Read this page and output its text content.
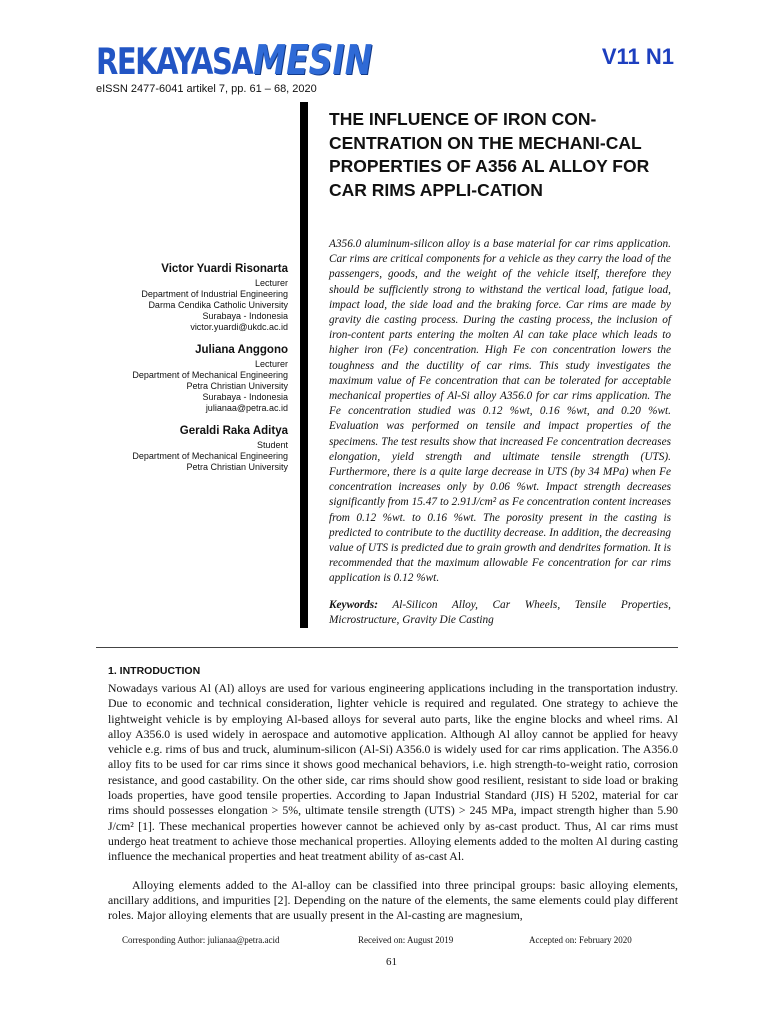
REKAYASA MESIN	V11 N1
eISSN 2477-6041 artikel 7, pp. 61 – 68, 2020
THE INFLUENCE OF IRON CON-CENTRATION ON THE MECHANI-CAL PROPERTIES OF A356 AL ALLOY FOR CAR RIMS APPLI-CATION

A356.0 aluminum-silicon alloy is a base material for car rims application. Car rims are critical components for a vehicle as they carry the load of the passengers, goods, and the weight of the vehicle itself, therefore they should be sufficiently strong to withstand the vertical load, fatigue load, impact load, the side load and the braking force. Car rims are made by gravity die casting process. During the casting process, the inclusion of iron-content parts entering the molten Al can take place which leads to higher iron (Fe) concentration. High Fe con concentration lowers the toughness and the ductility of car rims. This study investigates the maximum value of Fe concentration that can be tolerated for acceptable mechanical properties of Al-Si alloy A356.0 for car rims application. The Fe concentration studied was 0.12 %wt, 0.16 %wt, and 0.20 %wt. Evaluation was performed on tensile and impact properties of the specimens. The test results show that increased Fe concentration decreases elongation, yield strength and ultimate tensile strength (UTS). Furthermore, there is a quite large decrease in UTS (by 34 MPa) when Fe concentration increases only by 0.06 %wt. Impact strength decreases significantly from 15.47 to 2.91J/cm² as Fe concentration content increases from 0.12 %wt. to 0.16 %wt. The porosity present in the casting is predicted to contribute to the ductility decrease. In addition, the decreasing value of UTS is predicted due to grain growth and dendrites formation. It is recommended that the maximum allowable Fe concentration for car rims application is 0.12 %wt.

Keywords: Al-Silicon Alloy, Car Wheels, Tensile Properties, Microstructure, Gravity Die Casting

Victor Yuardi Risonarta
Lecturer
Department of Industrial Engineering
Darma Cendika Catholic University
Surabaya - Indonesia
victor.yuardi@ukdc.ac.id
Juliana Anggono
Lecturer
Department of Mechanical Engineering
Petra Christian University
Surabaya - Indonesia
julianaa@petra.ac.id
Geraldi Raka Aditya
Student
Department of Mechanical Engineering
Petra Christian University
1. INTRODUCTION

Nowadays various Al (Al) alloys are used for various engineering applications including in the transportation industry. Due to economic and technical consideration, lighter vehicle is required and regulated. One strategy to achieve the lightweight vehicle is by employing Al-based alloys for several auto parts, like the engine blocks and wheel rims. Al alloy A356.0 is used widely in aerospace and automotive application. Although Al alloy cannot be applied for heavy vehicle e.g. rims of bus and truck, aluminum-silicon (Al-Si) A356.0 is widely used for car rims application. The A356.0 alloy fits to be used for car rims since it shows good mechanical behaviors, i.e. high strength-to-weight ratio, corrosion resistance, and good castability. On the other side, car rims should show good resilient, resistant to side load or braking loads properties, have good tensile properties. According to Japan Industrial Standard (JIS) H 5202, material for car rims should possesses elongation > 5%, ultimate tensile strength (UTS) > 245 MPa, impact strength higher than 5.90 J/cm² [1]. These mechanical properties however cannot be achieved only by as-cast product. Thus, Al car rims must undergo heat treatment to achieve those mechanical properties. Alloying elements added to the molten Al during casting influence the mechanical properties and heat treatment ability of as-cast Al.

Alloying elements added to the Al-alloy can be classified into three principal groups: basic alloying elements, ancillary additions, and impurities [2]. Depending on the nature of the elements, the same elements could play different roles. Major alloying elements that are usually present in the Al-casting are magnesium,

Corresponding Author: julianaa@petra.acid	Received on: August 2019	Accepted on: February 2020
61
